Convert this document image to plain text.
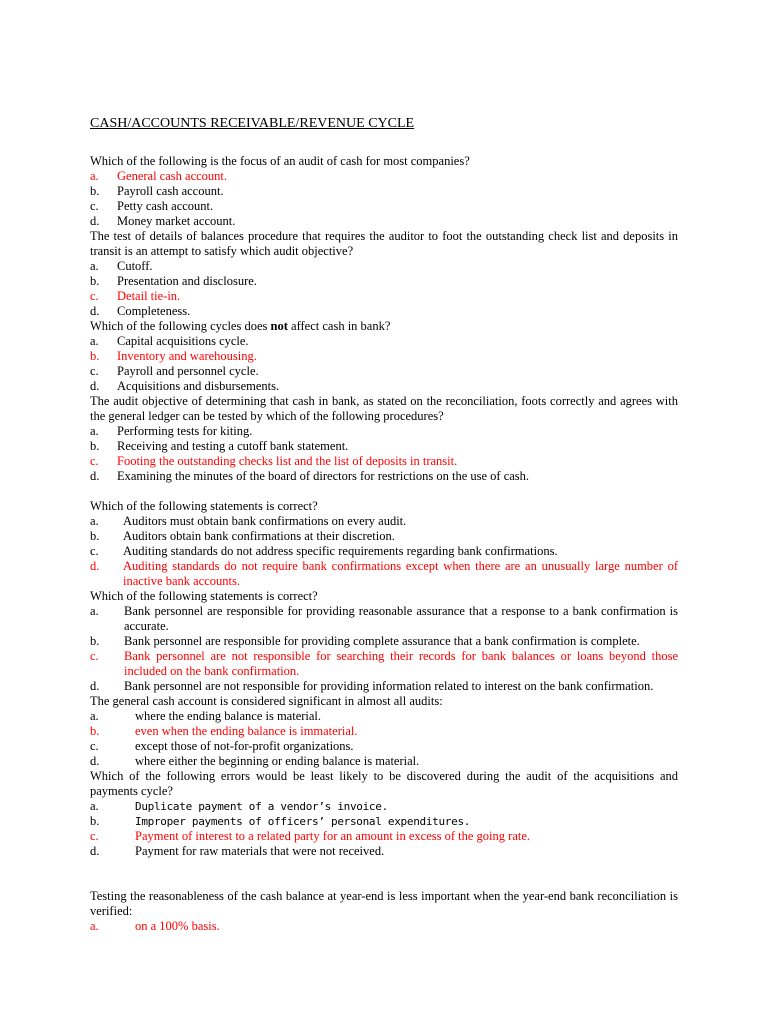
CASH/ACCOUNTS RECEIVABLE/REVENUE CYCLE
Which of the following is the focus of an audit of cash for most companies?
a.	General cash account.
b.	Payroll cash account.
c.	Petty cash account.
d.	Money market account.
The test of details of balances procedure that requires the auditor to foot the outstanding check list and deposits in transit is an attempt to satisfy which audit objective?
a.	Cutoff.
b.	Presentation and disclosure.
c.	Detail tie-in.
d.	Completeness.
Which of the following cycles does not affect cash in bank?
a.	Capital acquisitions cycle.
b.	Inventory and warehousing.
c.	Payroll and personnel cycle.
d.	Acquisitions and disbursements.
The audit objective of determining that cash in bank, as stated on the reconciliation, foots correctly and agrees with the general ledger can be tested by which of the following procedures?
a.	Performing tests for kiting.
b.	Receiving and testing a cutoff bank statement.
c.	Footing the outstanding checks list and the list of deposits in transit.
d.	Examining the minutes of the board of directors for restrictions on the use of cash.
Which of the following statements is correct?
a.	Auditors must obtain bank confirmations on every audit.
b.	Auditors obtain bank confirmations at their discretion.
c.	Auditing standards do not address specific requirements regarding bank confirmations.
d.	Auditing standards do not require bank confirmations except when there are an unusually large number of inactive bank accounts.
Which of the following statements is correct?
a.	Bank personnel are responsible for providing reasonable assurance that a response to a bank confirmation is accurate.
b.	Bank personnel are responsible for providing complete assurance that a bank confirmation is complete.
c.	Bank personnel are not responsible for searching their records for bank balances or loans beyond those included on the bank confirmation.
d.	Bank personnel are not responsible for providing information related to interest on the bank confirmation.
The general cash account is considered significant in almost all audits:
a.	where the ending balance is material.
b.	even when the ending balance is immaterial.
c.	except those of not-for-profit organizations.
d.	where either the beginning or ending balance is material.
Which of the following errors would be least likely to be discovered during the audit of the acquisitions and payments cycle?
a.	Duplicate payment of a vendor’s invoice.
b.	Improper payments of officers’ personal expenditures.
c.	Payment of interest to a related party for an amount in excess of the going rate.
d.	Payment for raw materials that were not received.
Testing the reasonableness of the cash balance at year-end is less important when the year-end bank reconciliation is verified:
a.	on a 100% basis.
